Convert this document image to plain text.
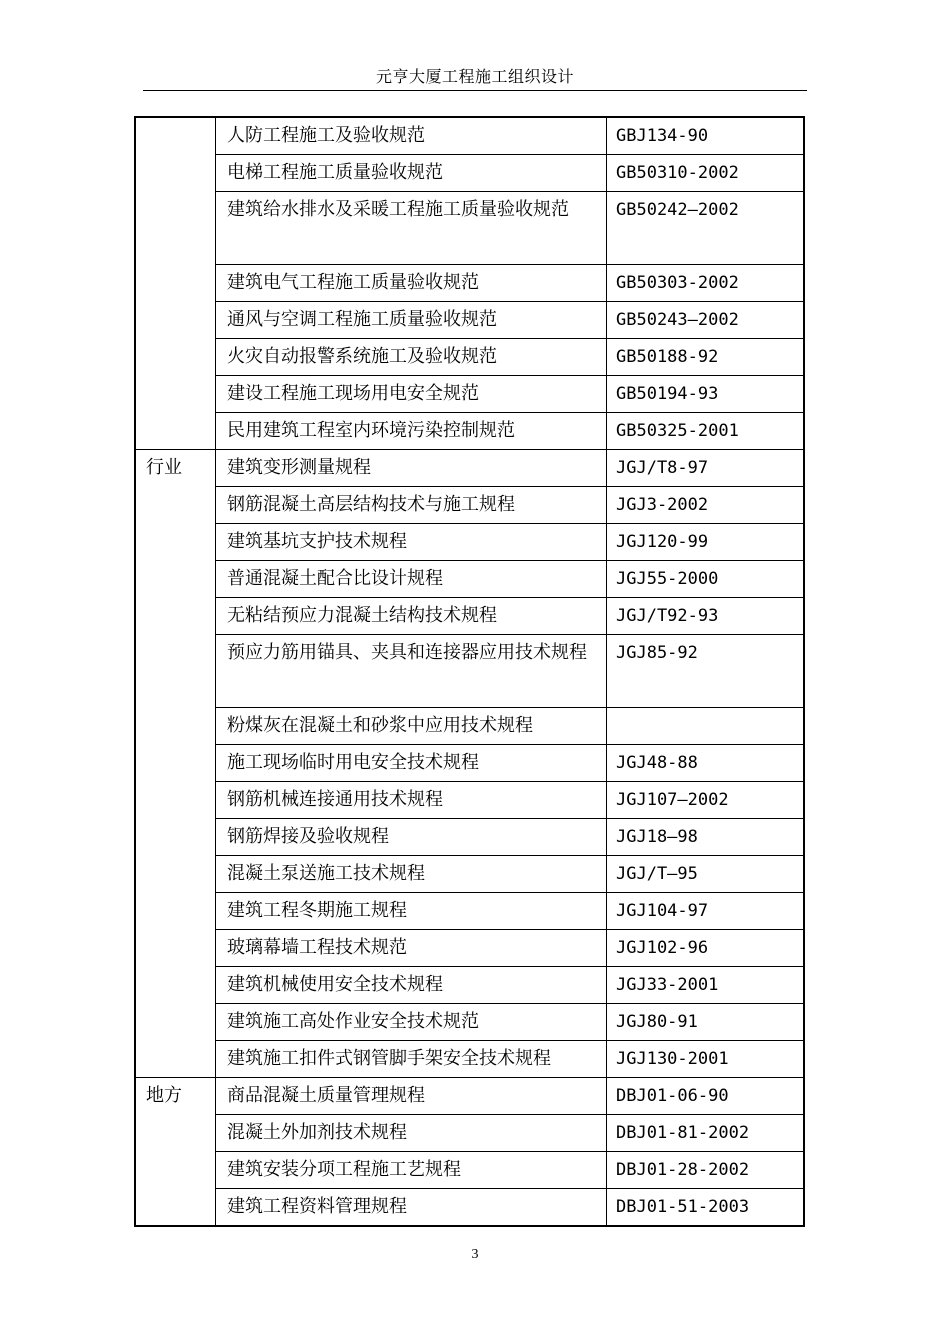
元亨大厦工程施工组织设计
	人防工程施工及验收规范	GBJ134-90
	电梯工程施工质量验收规范	GB50310-2002
	建筑给水排水及采暖工程施工质量验收规范	GB50242—2002
	建筑电气工程施工质量验收规范	GB50303-2002
	通风与空调工程施工质量验收规范	GB50243—2002
	火灾自动报警系统施工及验收规范	GB50188-92
	建设工程施工现场用电安全规范	GB50194-93
	民用建筑工程室内环境污染控制规范	GB50325-2001
行业	建筑变形测量规程	JGJ/T8-97
	钢筋混凝土高层结构技术与施工规程	JGJ3-2002
	建筑基坑支护技术规程	JGJ120-99
	普通混凝土配合比设计规程	JGJ55-2000
	无粘结预应力混凝土结构技术规程	JGJ/T92-93
	预应力筋用锚具、夹具和连接器应用技术规程	JGJ85-92
	粉煤灰在混凝土和砂浆中应用技术规程	
	施工现场临时用电安全技术规程	JGJ48-88
	钢筋机械连接通用技术规程	JGJ107—2002
	钢筋焊接及验收规程	JGJ18—98
	混凝土泵送施工技术规程	JGJ/T—95
	建筑工程冬期施工规程	JGJ104-97
	玻璃幕墙工程技术规范	JGJ102-96
	建筑机械使用安全技术规程	JGJ33-2001
	建筑施工高处作业安全技术规范	JGJ80-91
	建筑施工扣件式钢管脚手架安全技术规程	JGJ130-2001
地方	商品混凝土质量管理规程	DBJ01-06-90
	混凝土外加剂技术规程	DBJ01-81-2002
	建筑安装分项工程施工艺规程	DBJ01-28-2002
	建筑工程资料管理规程	DBJ01-51-2003
3
